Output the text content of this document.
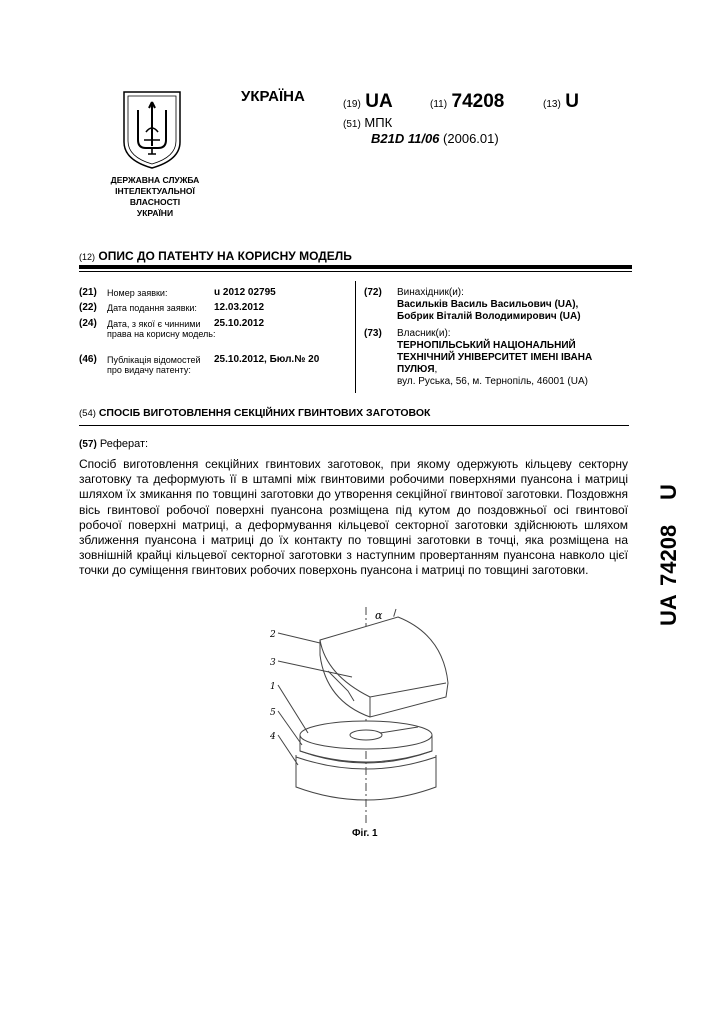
ДЕРЖАВНА СЛУЖБА
ІНТЕЛЕКТУАЛЬНОЇ
ВЛАСНОСТІ
УКРАЇНИ
УКРАЇНА	(19) UA	(11) 74208	(13) U
(51) МПК
B21D 11/06 (2006.01)
(12) ОПИС ДО ПАТЕНТУ НА КОРИСНУ МОДЕЛЬ
(21) Номер заявки:	u 2012 02795
(22) Дата подання заявки:	12.03.2012
(24) Дата, з якої є чинними права на корисну модель:
25.10.2012
(46) Публікація відомостей про видачу патенту:
25.10.2012, Бюл.№ 20
(72) Винахідник(и):
Васильків Василь Васильович (UA),
Бобрик Віталій Володимирович (UA)
(73) Власник(и):
ТЕРНОПІЛЬСЬКИЙ НАЦІОНАЛЬНИЙ
ТЕХНІЧНИЙ УНІВЕРСИТЕТ ІМЕНІ ІВАНА
ПУЛЮЯ,
вул. Руська, 56, м. Тернопіль, 46001 (UA)
(54) СПОСІБ ВИГОТОВЛЕННЯ СЕКЦІЙНИХ ГВИНТОВИХ ЗАГОТОВОК
(57) Реферат:
Спосіб виготовлення секційних гвинтових заготовок, при якому одержують кільцеву секторну заготовку та деформують її в штампі між гвинтовими робочими поверхнями пуансона і матриці шляхом їх змикання по товщині заготовки до утворення секційної гвинтової заготовки. Поздовжня вісь гвинтової робочої поверхні пуансона розміщена під кутом до поздовжньої осі гвинтової робочої поверхні матриці, а деформування кільцевої секторної заготовки здійснюють шляхом зближення пуансона і матриці до їх контакту по товщині заготовки в точці, яка розміщена на зовнішній крайці кільцевої секторної заготовки з наступним провертанням пуансона навколо цієї точки до суміщення гвинтових робочих поверхонь пуансона і матриці по товщині заготовки.
UA
74208
U
2
3
1
5
4
α
Фіг. 1
